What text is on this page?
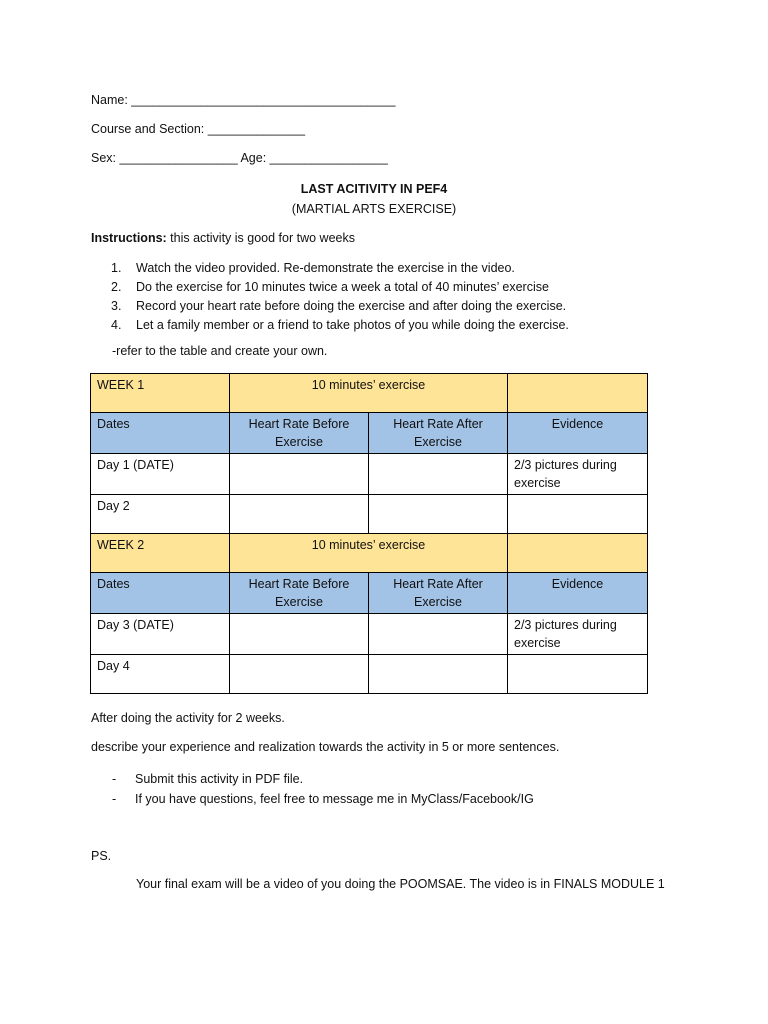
Name: ______________________________________
Course and Section: ______________
Sex: _________________ Age: _________________
LAST ACITIVITY IN PEF4
(MARTIAL ARTS EXERCISE)
Instructions: this activity is good for two weeks
1. Watch the video provided. Re-demonstrate the exercise in the video.
2. Do the exercise for 10 minutes twice a week a total of 40 minutes’ exercise
3. Record your heart rate before doing the exercise and after doing the exercise.
4. Let a family member or a friend to take photos of you while doing the exercise.
-refer to the table and create your own.
WEEK 1	10 minutes’ exercise		
Dates	Heart Rate Before Exercise	Heart Rate After Exercise	Evidence
Day 1 (DATE)			2/3 pictures during exercise
Day 2			
WEEK 2	10 minutes’ exercise		
Dates	Heart Rate Before Exercise	Heart Rate After Exercise	Evidence
Day 3 (DATE)			2/3 pictures during exercise
Day 4			
After doing the activity for 2 weeks.
describe your experience and realization towards the activity in 5 or more sentences.
- Submit this activity in PDF file.
- If you have questions, feel free to message me in MyClass/Facebook/IG
PS.
Your final exam will be a video of you doing the POOMSAE. The video is in FINALS MODULE 1
